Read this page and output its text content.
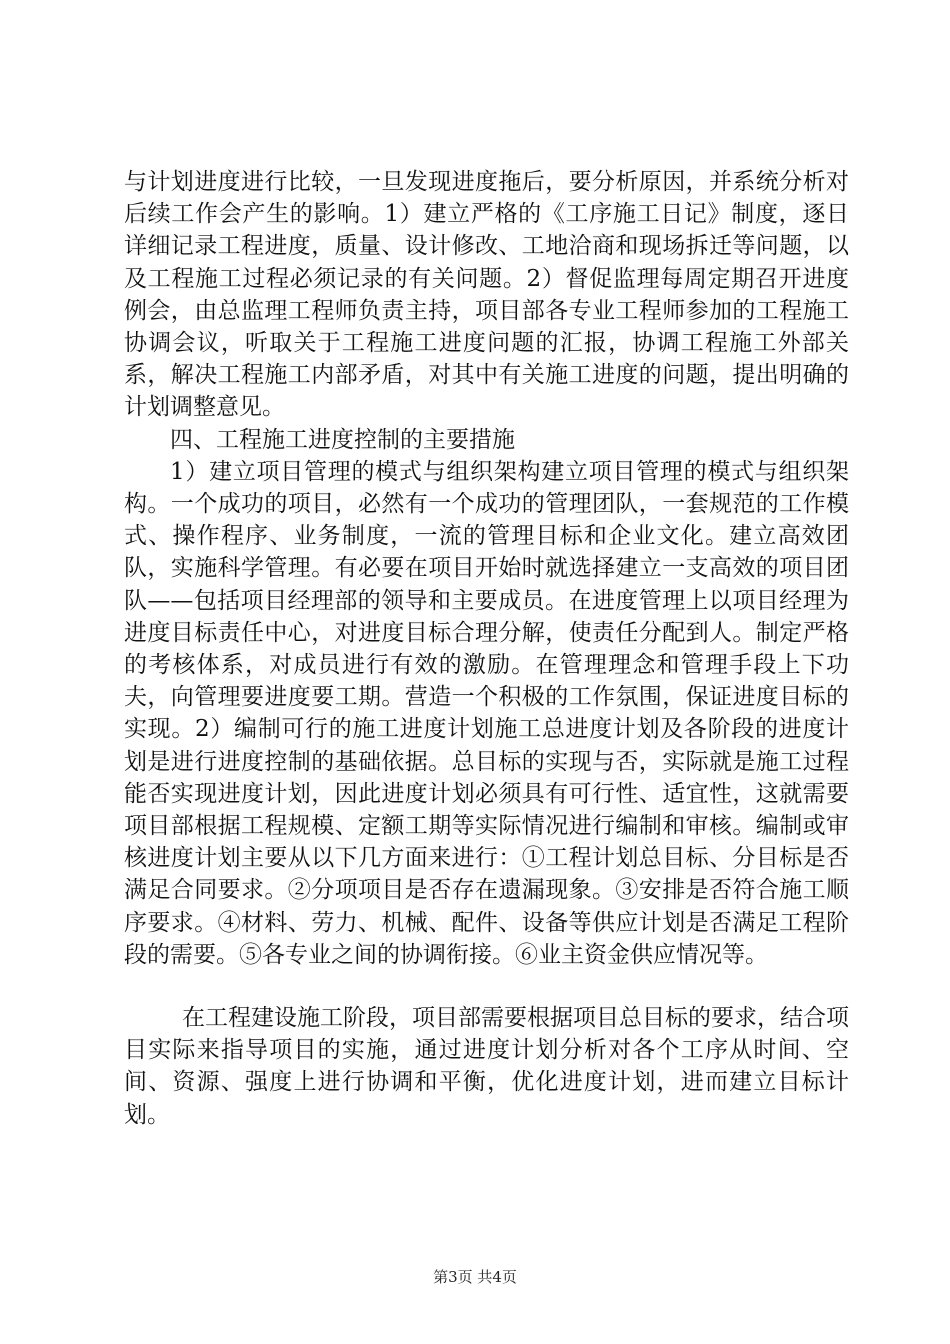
与计划进度进行比较，一旦发现进度拖后，要分析原因，并系统分析对后续工作会产生的影响。1）建立严格的《工序施工日记》制度，逐日详细记录工程进度，质量、设计修改、工地洽商和现场拆迁等问题，以及工程施工过程必须记录的有关问题。2）督促监理每周定期召开进度例会，由总监理工程师负责主持，项目部各专业工程师参加的工程施工协调会议，听取关于工程施工进度问题的汇报，协调工程施工外部关系，解决工程施工内部矛盾，对其中有关施工进度的问题，提出明确的计划调整意见。

四、工程施工进度控制的主要措施

1）建立项目管理的模式与组织架构建立项目管理的模式与组织架构。一个成功的项目，必然有一个成功的管理团队，一套规范的工作模式、操作程序、业务制度，一流的管理目标和企业文化。建立高效团队，实施科学管理。有必要在项目开始时就选择建立一支高效的项目团队——包括项目经理部的领导和主要成员。在进度管理上以项目经理为进度目标责任中心，对进度目标合理分解，使责任分配到人。制定严格的考核体系，对成员进行有效的激励。在管理理念和管理手段上下功夫，向管理要进度要工期。营造一个积极的工作氛围，保证进度目标的实现。2）编制可行的施工进度计划施工总进度计划及各阶段的进度计划是进行进度控制的基础依据。总目标的实现与否，实际就是施工过程能否实现进度计划，因此进度计划必须具有可行性、适宜性，这就需要项目部根据工程规模、定额工期等实际情况进行编制和审核。编制或审核进度计划主要从以下几方面来进行：①工程计划总目标、分目标是否满足合同要求。②分项项目是否存在遗漏现象。③安排是否符合施工顺序要求。④材料、劳力、机械、配件、设备等供应计划是否满足工程阶段的需要。⑤各专业之间的协调衔接。⑥业主资金供应情况等。

在工程建设施工阶段，项目部需要根据项目总目标的要求，结合项目实际来指导项目的实施，通过进度计划分析对各个工序从时间、空间、资源、强度上进行协调和平衡，优化进度计划，进而建立目标计划。

第3页 共4页
